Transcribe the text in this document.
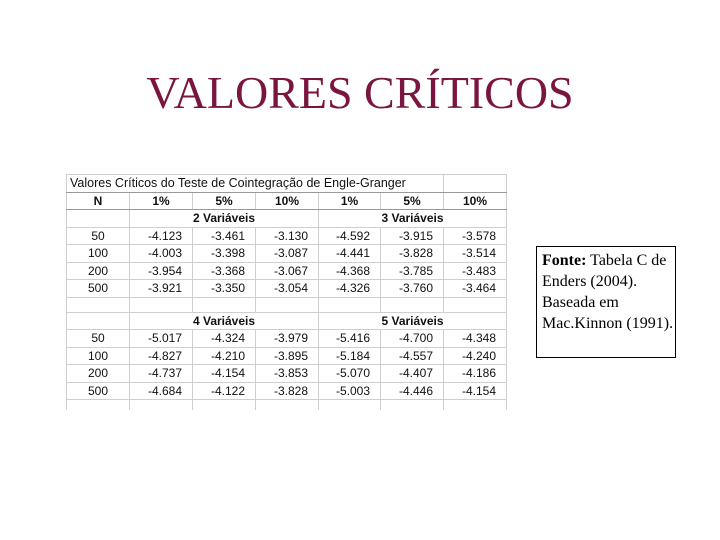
VALORES CRÍTICOS
Valores Críticos do Teste de Cointegração de Engle-Granger						
N	1%	5%	10%	1%	5%	10%
	2 Variáveis			3 Variáveis		
50	-4.123	-3.461	-3.130	-4.592	-3.915	-3.578
100	-4.003	-3.398	-3.087	-4.441	-3.828	-3.514
200	-3.954	-3.368	-3.067	-4.368	-3.785	-3.483
500	-3.921	-3.350	-3.054	-4.326	-3.760	-3.464

	4 Variáveis			5 Variáveis		
50	-5.017	-4.324	-3.979	-5.416	-4.700	-4.348
100	-4.827	-4.210	-3.895	-5.184	-4.557	-4.240
200	-4.737	-4.154	-3.853	-5.070	-4.407	-4.186
500	-4.684	-4.122	-3.828	-5.003	-4.446	-4.154

Fonte: Tabela C de Enders (2004). Baseada em Mac.Kinnon (1991).
